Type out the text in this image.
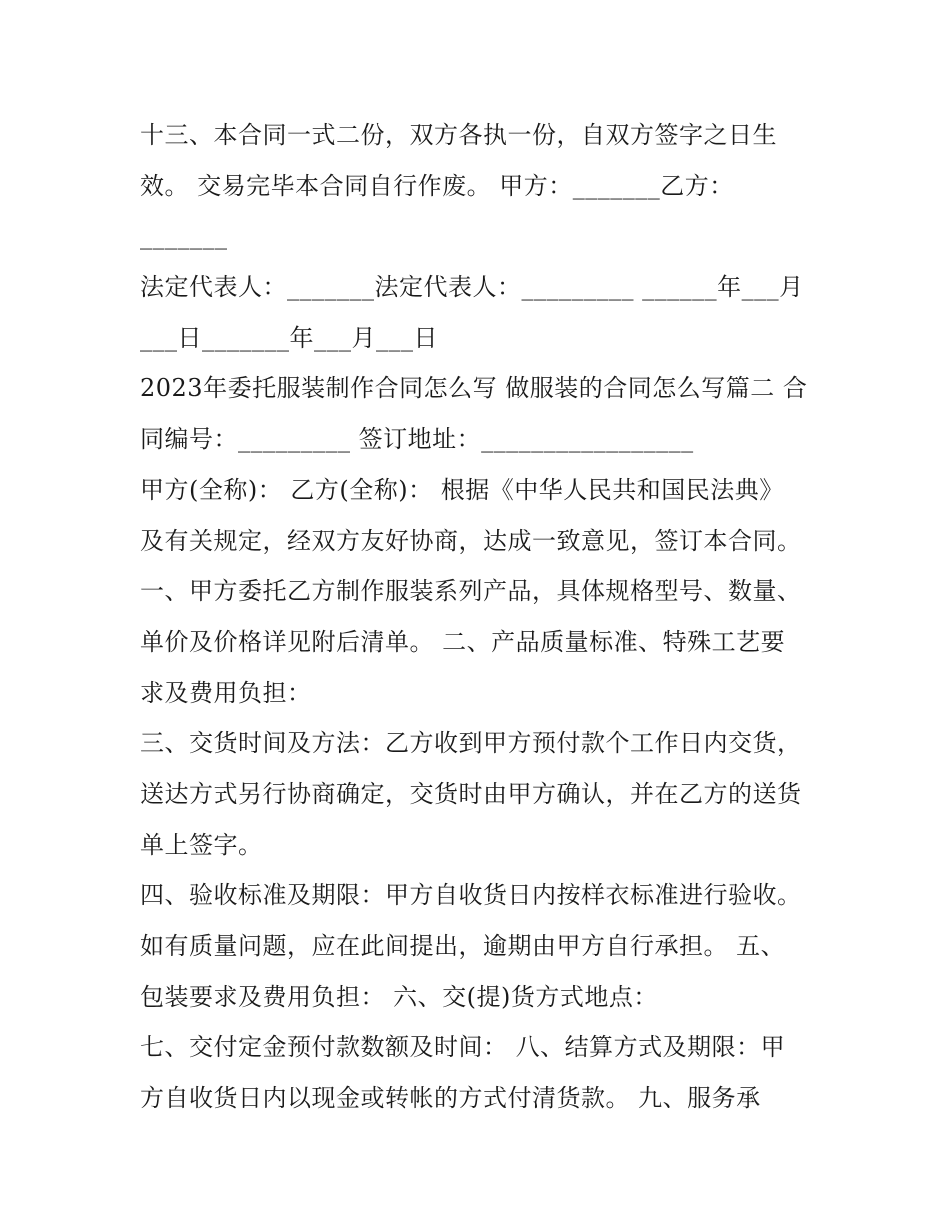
十三、本合同一式二份，双方各执一份，自双方签字之日生
效。 交易完毕本合同自行作废。 甲方：_______乙方：
_______
法定代表人：_______法定代表人：_________ ______年___月
___日_______年___月___日
2023年委托服装制作合同怎么写 做服装的合同怎么写篇二 合
同编号：_________ 签订地址：_________________
甲方(全称)： 乙方(全称)： 根据《中华人民共和国民法典》
及有关规定，经双方友好协商，达成一致意见，签订本合同。
一、甲方委托乙方制作服装系列产品，具体规格型号、数量、
单价及价格详见附后清单。 二、产品质量标准、特殊工艺要
求及费用负担：
三、交货时间及方法：乙方收到甲方预付款个工作日内交货，
送达方式另行协商确定，交货时由甲方确认，并在乙方的送货
单上签字。
四、验收标准及期限：甲方自收货日内按样衣标准进行验收。
如有质量问题，应在此间提出，逾期由甲方自行承担。 五、
包装要求及费用负担： 六、交(提)货方式地点：
七、交付定金预付款数额及时间： 八、结算方式及期限：甲
方自收货日内以现金或转帐的方式付清货款。 九、服务承
